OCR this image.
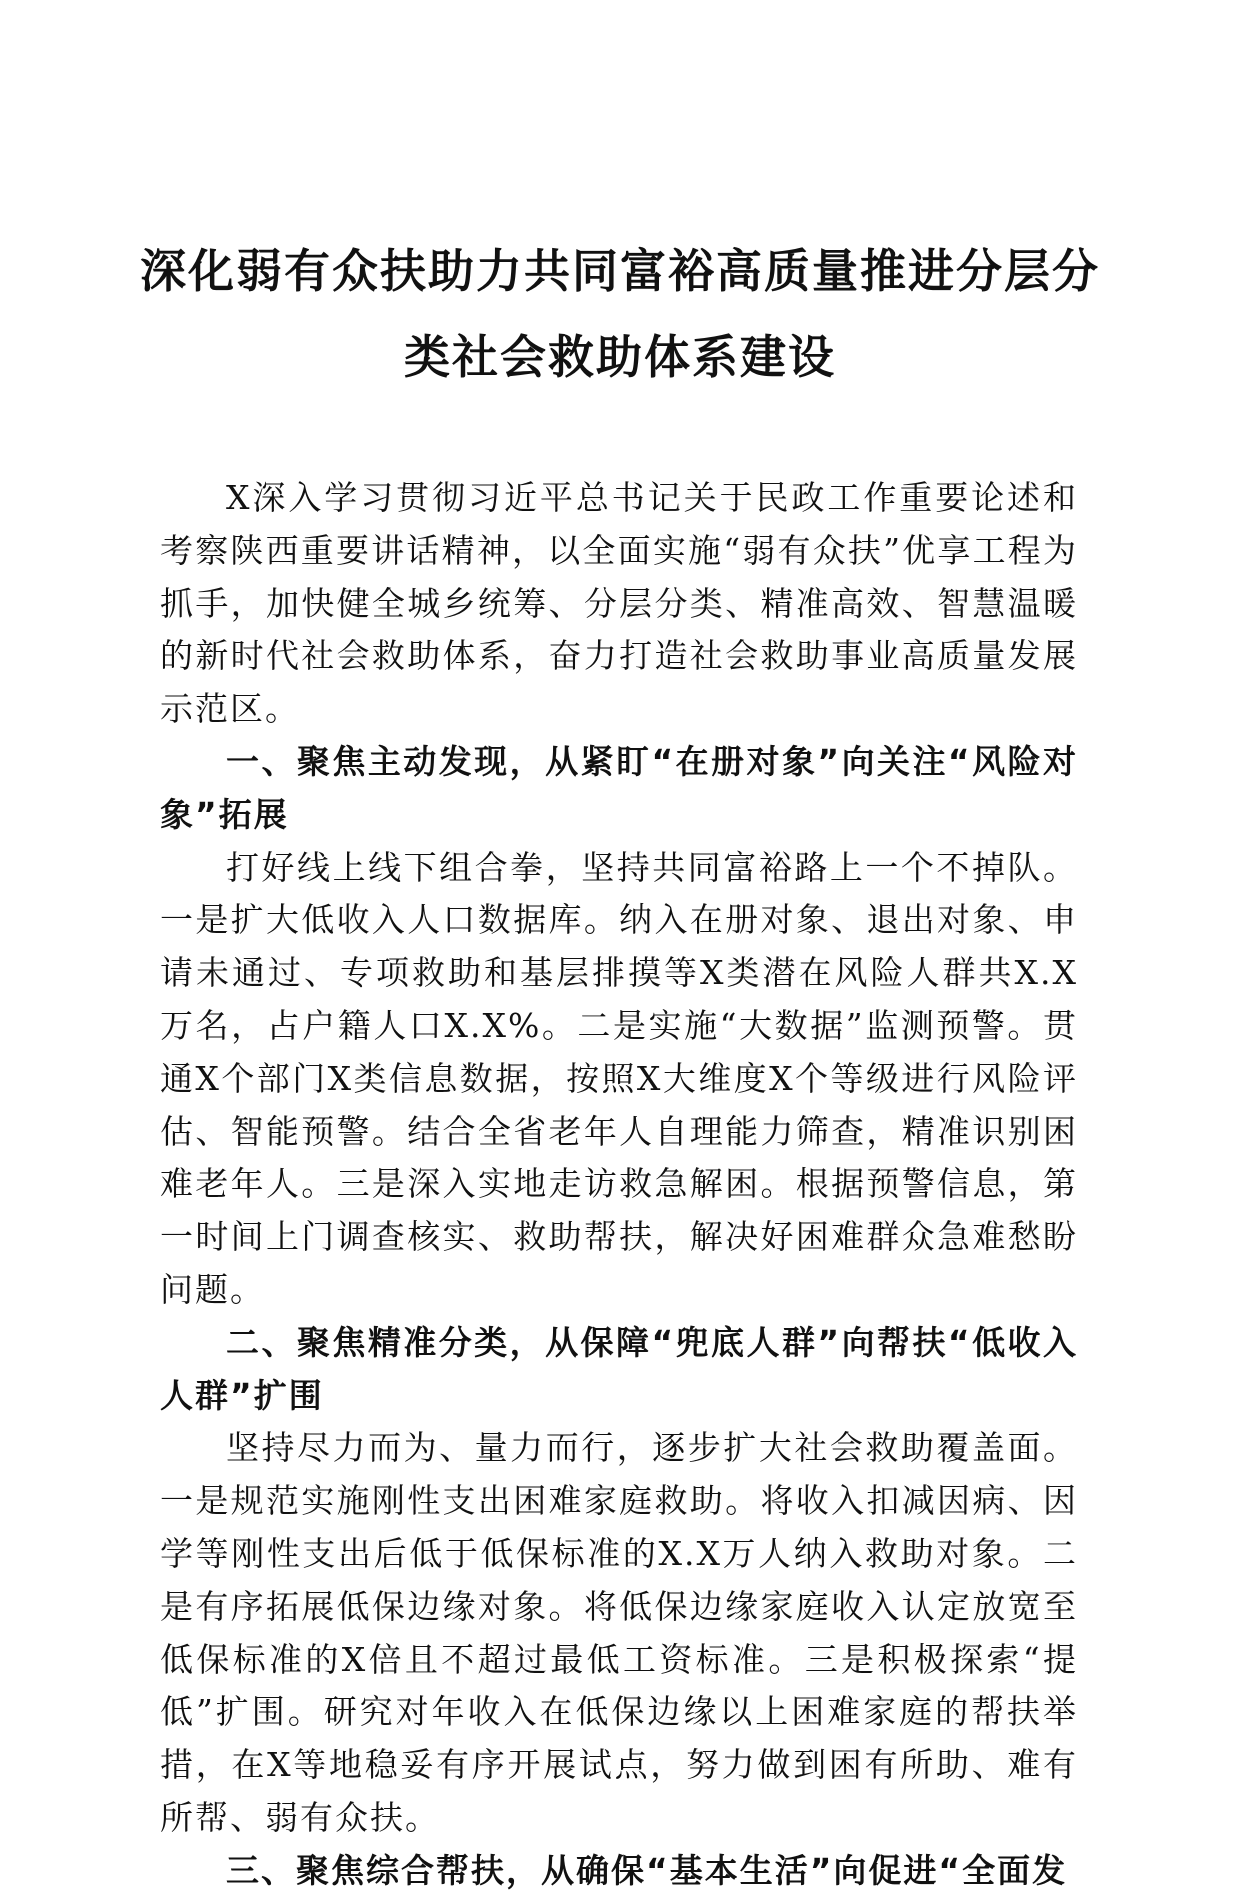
深化弱有众扶助力共同富裕高质量推进分层分类社会救助体系建设

X深入学习贯彻习近平总书记关于民政工作重要论述和考察陕西重要讲话精神，以全面实施“弱有众扶”优享工程为抓手，加快健全城乡统筹、分层分类、精准高效、智慧温暖的新时代社会救助体系，奋力打造社会救助事业高质量发展示范区。

一、聚焦主动发现，从紧盯“在册对象”向关注“风险对象”拓展

打好线上线下组合拳，坚持共同富裕路上一个不掉队。一是扩大低收入人口数据库。纳入在册对象、退出对象、申请未通过、专项救助和基层排摸等X类潜在风险人群共X.X万名，占户籍人口X.X%。二是实施“大数据”监测预警。贯通X个部门X类信息数据，按照X大维度X个等级进行风险评估、智能预警。结合全省老年人自理能力筛查，精准识别困难老年人。三是深入实地走访救急解困。根据预警信息，第一时间上门调查核实、救助帮扶，解决好困难群众急难愁盼问题。

二、聚焦精准分类，从保障“兜底人群”向帮扶“低收入人群”扩围

坚持尽力而为、量力而行，逐步扩大社会救助覆盖面。一是规范实施刚性支出困难家庭救助。将收入扣减因病、因学等刚性支出后低于低保标准的X.X万人纳入救助对象。二是有序拓展低保边缘对象。将低保边缘家庭收入认定放宽至低保标准的X倍且不超过最低工资标准。三是积极探索“提低”扩围。研究对年收入在低保边缘以上困难家庭的帮扶举措，在X等地稳妥有序开展试点，努力做到困有所助、难有所帮、弱有众扶。

三、聚焦综合帮扶，从确保“基本生活”向促进“全面发
